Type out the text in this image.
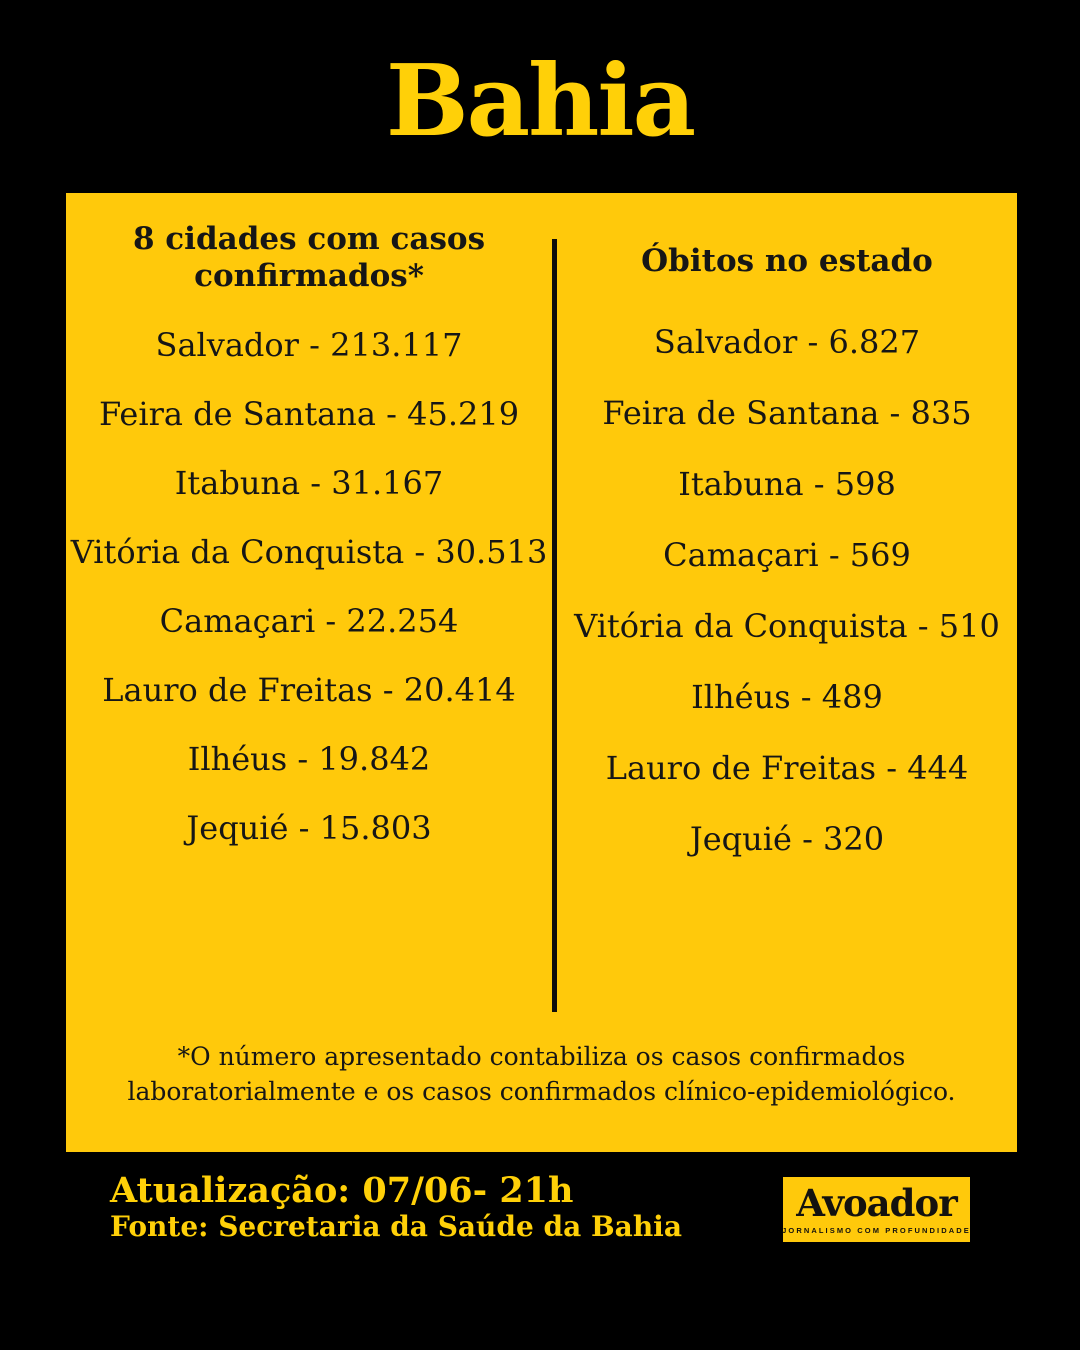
Bahia
8 cidades com casos confirmados*
Salvador - 213.117
Feira de Santana - 45.219
Itabuna - 31.167
Vitória da Conquista - 30.513
Camaçari - 22.254
Lauro de Freitas - 20.414
Ilhéus - 19.842
Jequié - 15.803
Óbitos no estado
Salvador - 6.827
Feira de Santana - 835
Itabuna - 598
Camaçari - 569
Vitória da Conquista - 510
Ilhéus - 489
Lauro de Freitas - 444
Jequié - 320

*O número apresentado contabiliza os casos confirmados
laboratorialmente e os casos confirmados clínico-epidemiológico.

Atualização: 07/06- 21h
Fonte: Secretaria da Saúde da Bahia
Avoador
JORNALISMO COM PROFUNDIDADE
